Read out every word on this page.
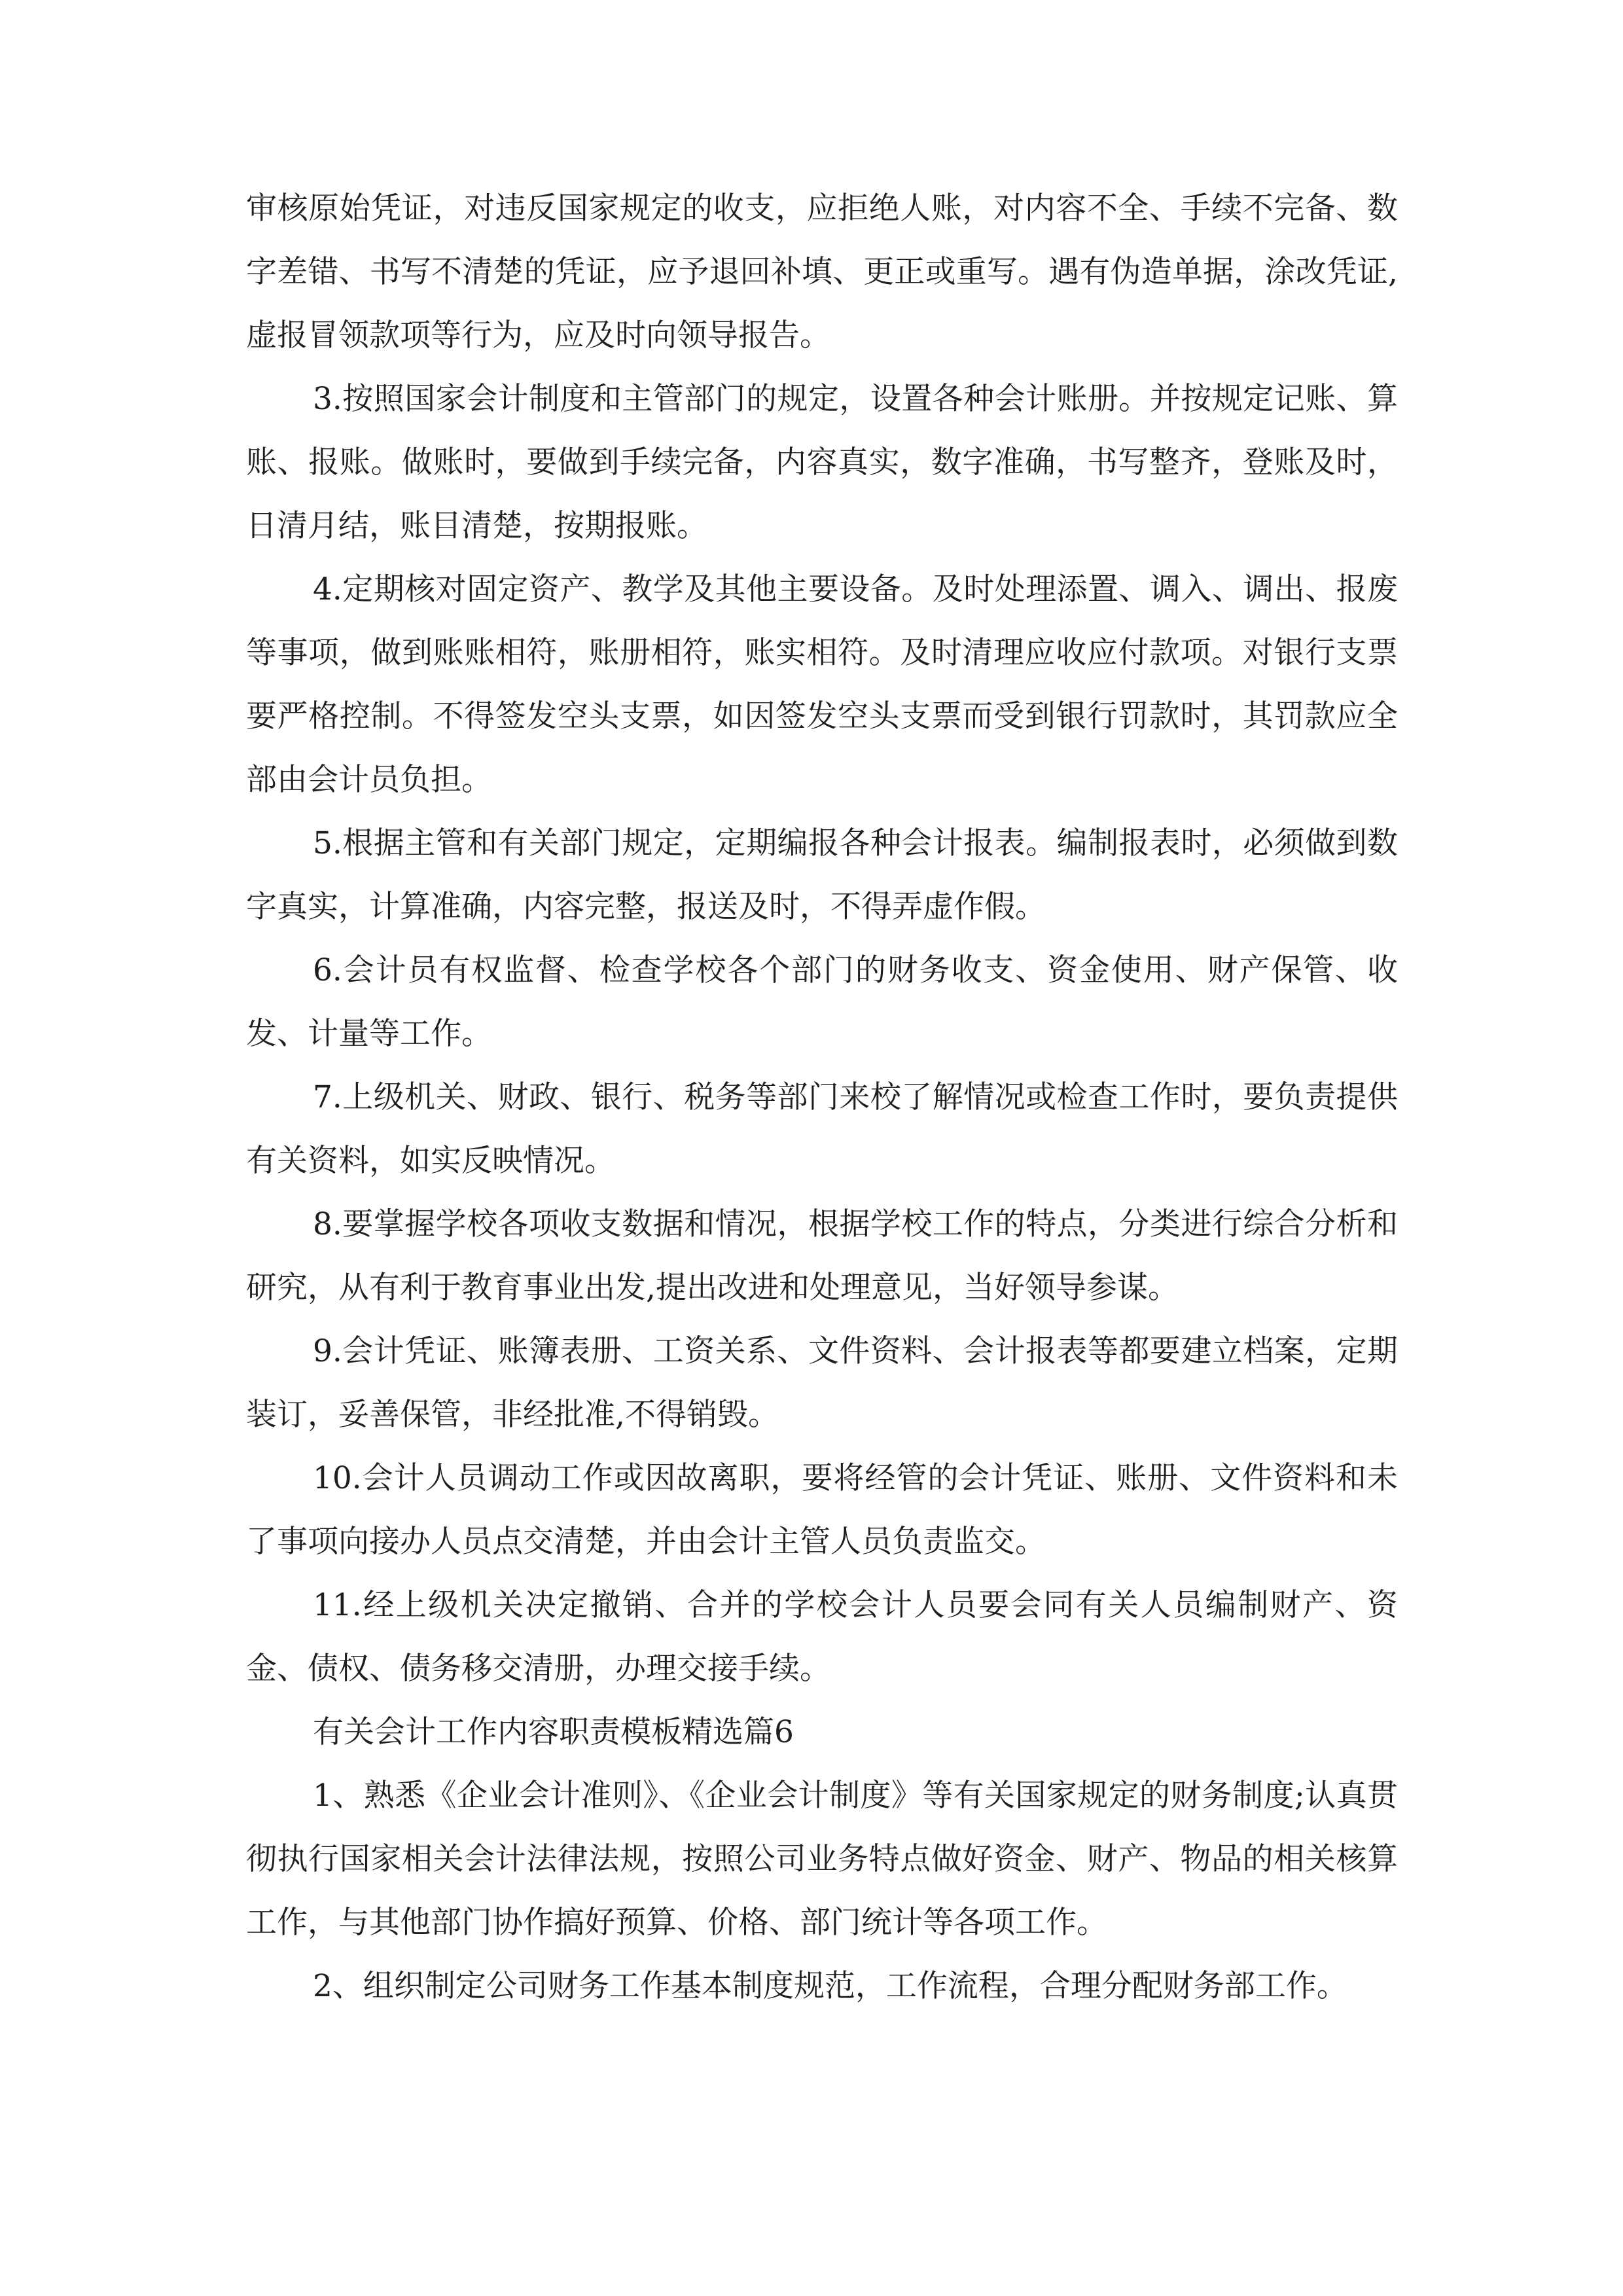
审核原始凭证，对违反国家规定的收支，应拒绝人账，对内容不全、手续不完备、数字差错、书写不清楚的凭证，应予退回补填、更正或重写。遇有伪造单据，涂改凭证,虚报冒领款项等行为，应及时向领导报告。

3.按照国家会计制度和主管部门的规定，设置各种会计账册。并按规定记账、算账、报账。做账时，要做到手续完备，内容真实，数字准确，书写整齐，登账及时，日清月结，账目清楚，按期报账。

4.定期核对固定资产、教学及其他主要设备。及时处理添置、调入、调出、报废等事项，做到账账相符，账册相符，账实相符。及时清理应收应付款项。对银行支票要严格控制。不得签发空头支票，如因签发空头支票而受到银行罚款时，其罚款应全部由会计员负担。

5.根据主管和有关部门规定，定期编报各种会计报表。编制报表时，必须做到数字真实，计算准确，内容完整，报送及时，不得弄虚作假。

6.会计员有权监督、检查学校各个部门的财务收支、资金使用、财产保管、收发、计量等工作。

7.上级机关、财政、银行、税务等部门来校了解情况或检查工作时，要负责提供有关资料，如实反映情况。

8.要掌握学校各项收支数据和情况，根据学校工作的特点，分类进行综合分析和研究，从有利于教育事业出发,提出改进和处理意见，当好领导参谋。

9.会计凭证、账簿表册、工资关系、文件资料、会计报表等都要建立档案，定期装订，妥善保管，非经批准,不得销毁。

10.会计人员调动工作或因故离职，要将经管的会计凭证、账册、文件资料和未了事项向接办人员点交清楚，并由会计主管人员负责监交。

11.经上级机关决定撤销、合并的学校会计人员要会同有关人员编制财产、资金、债权、债务移交清册，办理交接手续。

有关会计工作内容职责模板精选篇6

1、熟悉《企业会计准则》、《企业会计制度》等有关国家规定的财务制度;认真贯彻执行国家相关会计法律法规，按照公司业务特点做好资金、财产、物品的相关核算工作，与其他部门协作搞好预算、价格、部门统计等各项工作。

2、组织制定公司财务工作基本制度规范，工作流程，合理分配财务部工作。
